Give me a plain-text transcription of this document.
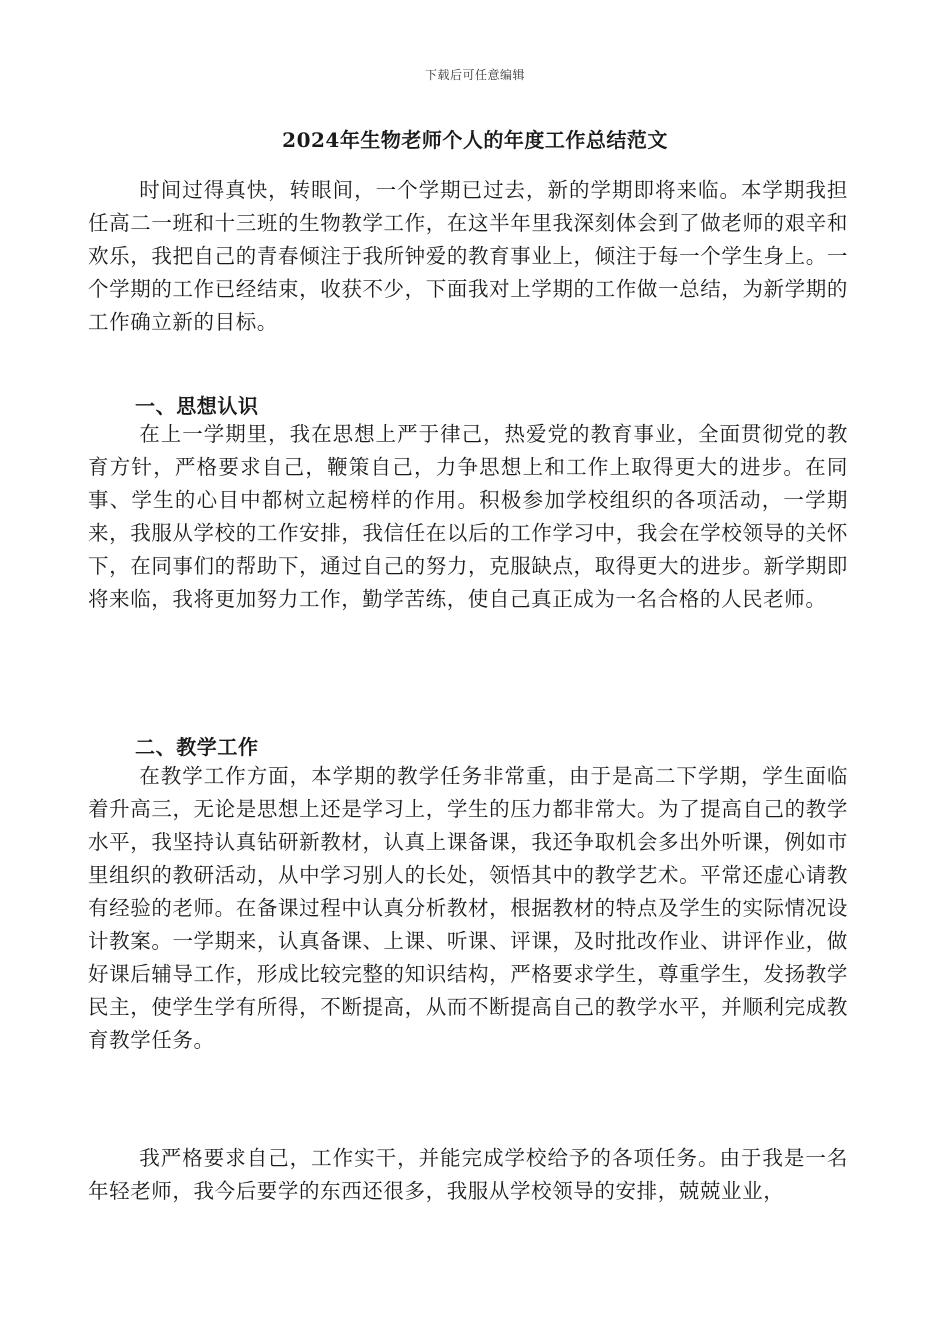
下载后可任意编辑
2024年生物老师个人的年度工作总结范文

时间过得真快，转眼间，一个学期已过去，新的学期即将来临。本学期我担任高二一班和十三班的生物教学工作，在这半年里我深刻体会到了做老师的艰辛和欢乐，我把自己的青春倾注于我所钟爱的教育事业上，倾注于每一个学生身上。一个学期的工作已经结束，收获不少，下面我对上学期的工作做一总结，为新学期的工作确立新的目标。

一、思想认识

在上一学期里，我在思想上严于律己，热爱党的教育事业，全面贯彻党的教育方针，严格要求自己，鞭策自己，力争思想上和工作上取得更大的进步。在同事、学生的心目中都树立起榜样的作用。积极参加学校组织的各项活动，一学期来，我服从学校的工作安排，我信任在以后的工作学习中，我会在学校领导的关怀下，在同事们的帮助下，通过自己的努力，克服缺点，取得更大的进步。新学期即将来临，我将更加努力工作，勤学苦练，使自己真正成为一名合格的人民老师。

二、教学工作

在教学工作方面，本学期的教学任务非常重，由于是高二下学期，学生面临着升高三，无论是思想上还是学习上，学生的压力都非常大。为了提高自己的教学水平，我坚持认真钻研新教材，认真上课备课，我还争取机会多出外听课，例如市里组织的教研活动，从中学习别人的长处，领悟其中的教学艺术。平常还虚心请教有经验的老师。在备课过程中认真分析教材，根据教材的特点及学生的实际情况设计教案。一学期来，认真备课、上课、听课、评课，及时批改作业、讲评作业，做好课后辅导工作，形成比较完整的知识结构，严格要求学生，尊重学生，发扬教学民主，使学生学有所得，不断提高，从而不断提高自己的教学水平，并顺利完成教育教学任务。

我严格要求自己，工作实干，并能完成学校给予的各项任务。由于我是一名年轻老师，我今后要学的东西还很多，我服从学校领导的安排，兢兢业业，
